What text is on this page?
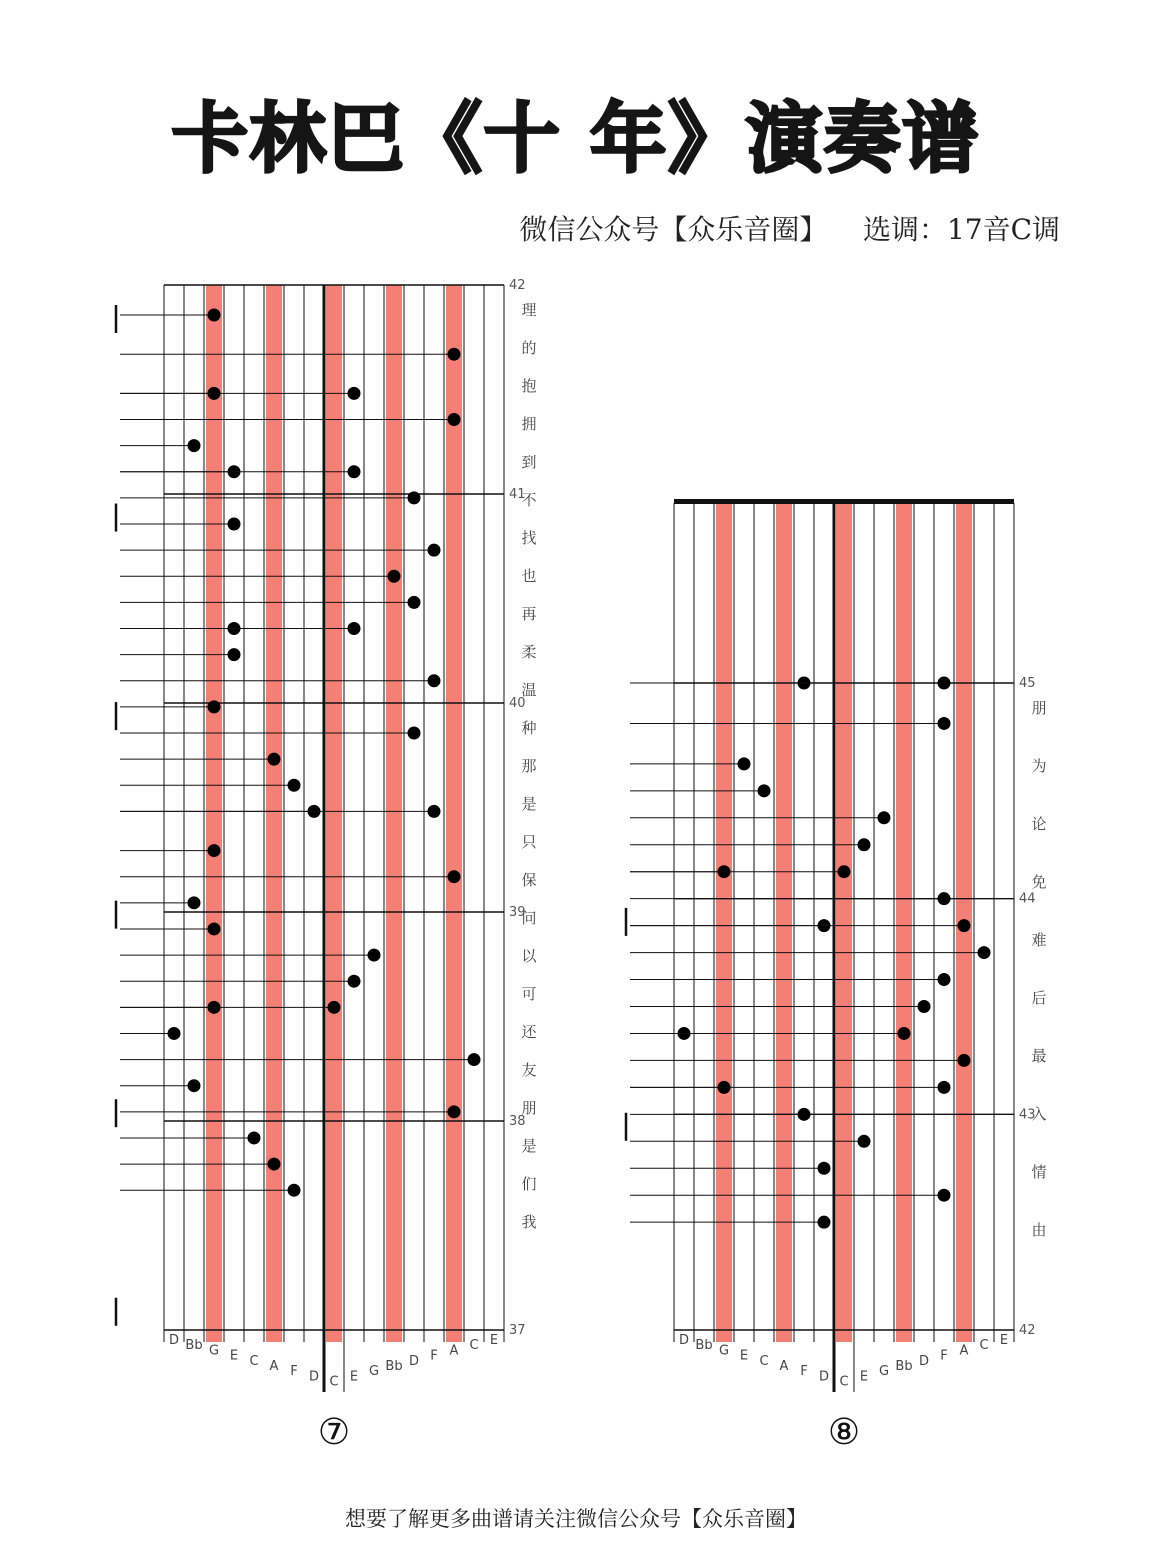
卡林巴《十 年》演奏谱
微信公众号【众乐音圈】    选调：17音C调
42
41
40
39
38
37
理
的
抱
拥
到
不
找
也
再
柔
温
种
那
是
只
保
问
以
可
还
友
朋
是
们
我
D Bb G E C A F D C E G Bb D F A C E
⑦
45
44
43
42
朋
为
论
免
难
后
最
入
情
由
D Bb G E C A F D C E G Bb D F A C E
⑧
想要了解更多曲谱请关注微信公众号【众乐音圈】
